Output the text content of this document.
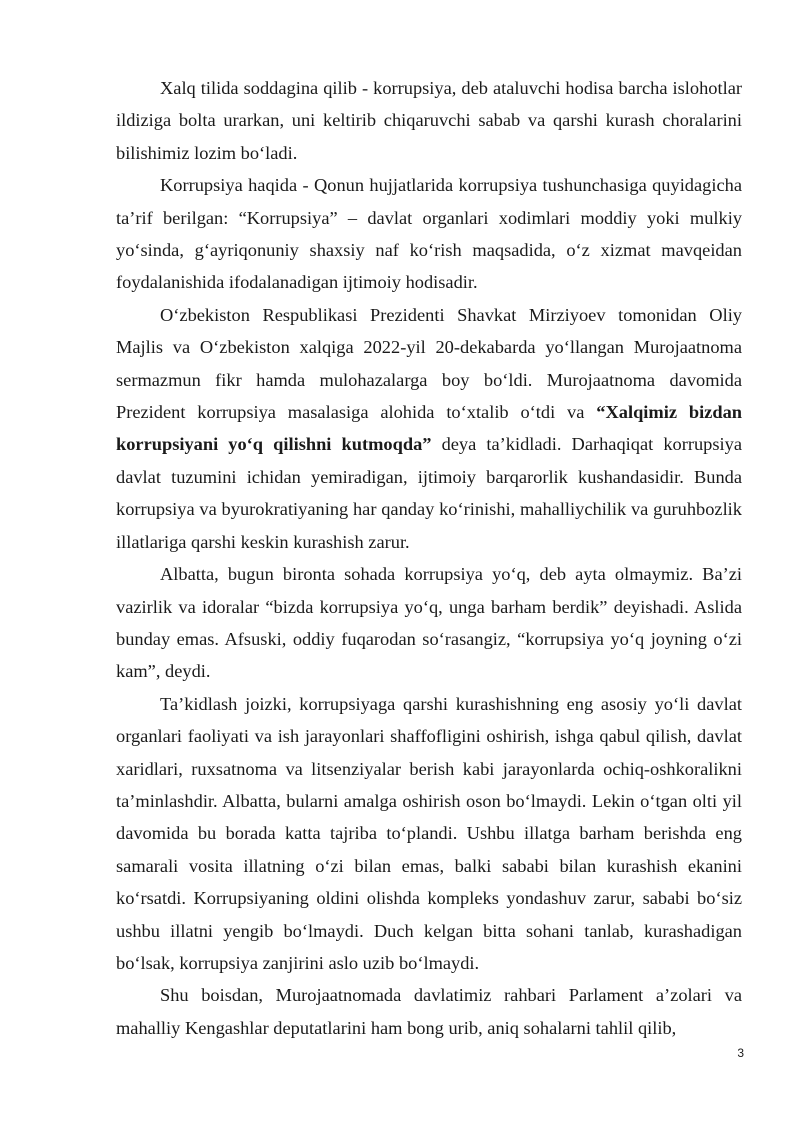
Xalq tilida soddagina qilib - korrupsiya, deb ataluvchi hodisa barcha islohotlar ildiziga bolta urarkan, uni keltirib chiqaruvchi sabab va qarshi kurash choralarini bilishimiz lozim bo‘ladi.

Korrupsiya haqida - Qonun hujjatlarida korrupsiya tushunchasiga quyidagicha ta’rif berilgan: “Korrupsiya” – davlat organlari xodimlari moddiy yoki mulkiy yo‘sinda, g‘ayriqonuniy shaxsiy naf ko‘rish maqsadida, o‘z xizmat mavqeidan foydalanishida ifodalanadigan ijtimoiy hodisadir.

O‘zbekiston Respublikasi Prezidenti Shavkat Mirziyoev tomonidan Oliy Majlis va O‘zbekiston xalqiga 2022-yil 20-dekabarda yo‘llangan Murojaatnoma sermazmun fikr hamda mulohazalarga boy bo‘ldi. Murojaatnoma davomida Prezident korrupsiya masalasiga alohida to‘xtalib o‘tdi va “Xalqimiz bizdan korrupsiyani yo‘q qilishni kutmoqda” deya ta’kidladi. Darhaqiqat korrupsiya davlat tuzumini ichidan yemiradigan, ijtimoiy barqarorlik kushandasidir. Bunda korrupsiya va byurokratiyaning har qanday ko‘rinishi, mahalliychilik va guruhbozlik illatlariga qarshi keskin kurashish zarur.

Albatta, bugun bironta sohada korrupsiya yo‘q, deb ayta olmaymiz. Ba’zi vazirlik va idoralar “bizda korrupsiya yo‘q, unga barham berdik” deyishadi. Aslida bunday emas. Afsuski, oddiy fuqarodan so‘rasangiz, “korrupsiya yo‘q joyning o‘zi kam”, deydi.

Ta’kidlash joizki, korrupsiyaga qarshi kurashishning eng asosiy yo‘li davlat organlari faoliyati va ish jarayonlari shaffofligini oshirish, ishga qabul qilish, davlat xaridlari, ruxsatnoma va litsenziyalar berish kabi jarayonlarda ochiq-oshkoralikni ta’minlashdir. Albatta, bularni amalga oshirish oson bo‘lmaydi. Lekin o‘tgan olti yil davomida bu borada katta tajriba to‘plandi. Ushbu illatga barham berishda eng samarali vosita illatning o‘zi bilan emas, balki sababi bilan kurashish ekanini ko‘rsatdi. Korrupsiyaning oldini olishda kompleks yondashuv zarur, sababi bo‘siz ushbu illatni yengib bo‘lmaydi. Duch kelgan bitta sohani tanlab, kurashadigan bo‘lsak, korrupsiya zanjirini aslo uzib bo‘lmaydi.

Shu boisdan, Murojaatnomada davlatimiz rahbari Parlament a’zolari va mahalliy Kengashlar deputatlarini ham bong urib, aniq sohalarni tahlil qilib,

3
